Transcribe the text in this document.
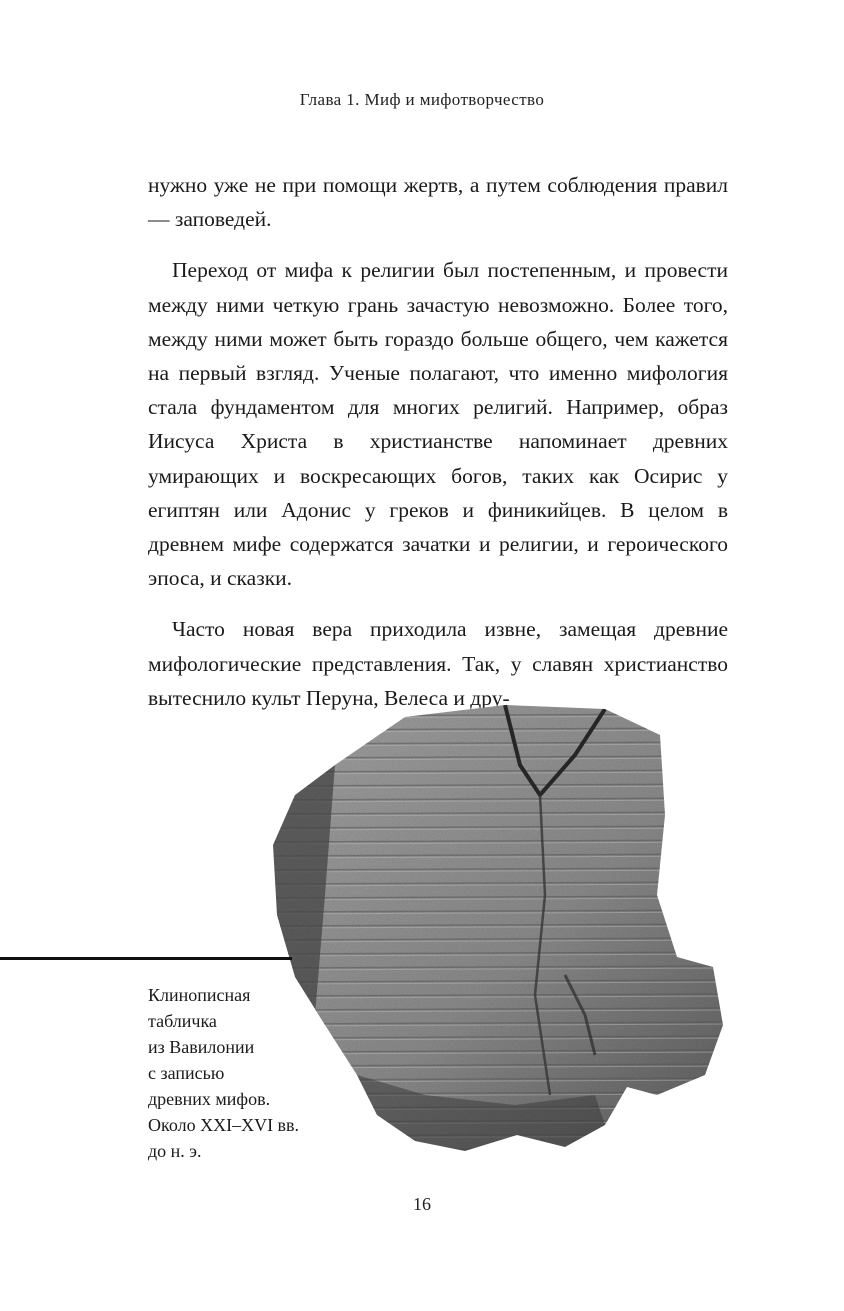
Глава 1. Миф и мифотворчество

нужно уже не при помощи жертв, а путем соблюдения правил — заповедей.

Переход от мифа к религии был постепенным, и провести между ними четкую грань зачастую невозможно. Более того, между ними может быть гораздо больше общего, чем кажется на первый взгляд. Ученые полагают, что именно мифология стала фундаментом для многих религий. Например, образ Иисуса Христа в христианстве напоминает древних умирающих и воскресающих богов, таких как Осирис у египтян или Адонис у греков и финикийцев. В целом в древнем мифе содержатся зачатки и религии, и героического эпоса, и сказки.

Часто новая вера приходила извне, замещая древние мифологические представления. Так, у славян христианство вытеснило культ Перуна, Велеса и дру-

Клинописная
табличка
из Вавилонии
с записью
древних мифов.
Около XXI–XVI вв.
до н. э.
16
